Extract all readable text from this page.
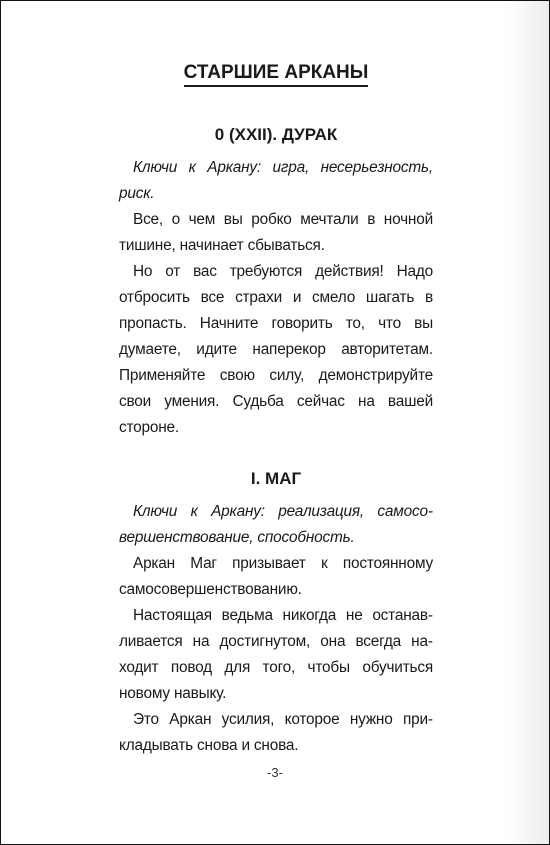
СТАРШИЕ АРКАНЫ
0 (XXII). ДУРАК

Ключи к Аркану: игра, несерьезность, риск.

Все, о чем вы робко мечтали в ночной тишине, начинает сбываться.

Но от вас требуются действия! Надо отбросить все страхи и смело шагать в пропасть. Начните говорить то, что вы думаете, идите наперекор авторитетам. Применяйте свою силу, демонстрируйте свои умения. Судьба сейчас на вашей стороне.

I. МАГ

Ключи к Аркану: реализация, самосовершенствование, способность.

Аркан Маг призывает к постоянному самосовершенствованию.

Настоящая ведьма никогда не останавливается на достигнутом, она всегда находит повод для того, чтобы обучиться новому навыку.

Это Аркан усилия, которое нужно прикладывать снова и снова.

-3-
